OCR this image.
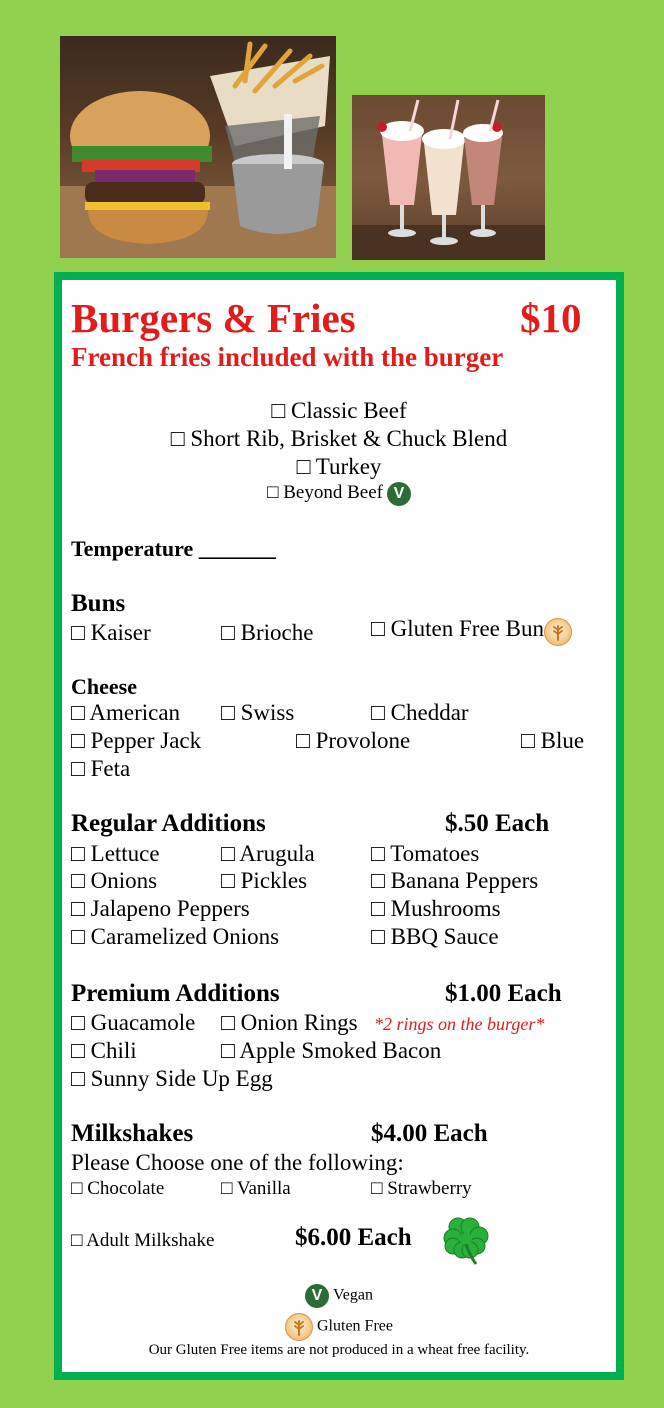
Burgers & Fries	$10
French fries included with the burger
□ Classic Beef
□ Short Rib, Brisket & Chuck Blend
□ Turkey
□ Beyond Beef V
Temperature _______
Buns
□ Kaiser	□ Brioche	□ Gluten Free Bun
Cheese
□ American □ Swiss	□ Cheddar
□ Pepper Jack	□ Provolone	□ Blue
□ Feta
Regular Additions	$.50 Each
□ Lettuce	□ Arugula □ Tomatoes
□ Onions	□ Pickles	□ Banana Peppers
□ Jalapeno Peppers	□ Mushrooms
□ Caramelized Onions	□ BBQ Sauce
Premium Additions	$1.00 Each
□ Guacamole □ Onion Rings *2 rings on the burger*
□ Chili	□ Apple Smoked Bacon
□ Sunny Side Up Egg
Milkshakes	$4.00 Each
Please Choose one of the following:
□ Chocolate	□ Vanilla	□ Strawberry
□ Adult Milkshake	$6.00 Each
V Vegan
Gluten Free
Our Gluten Free items are not produced in a wheat free facility.
